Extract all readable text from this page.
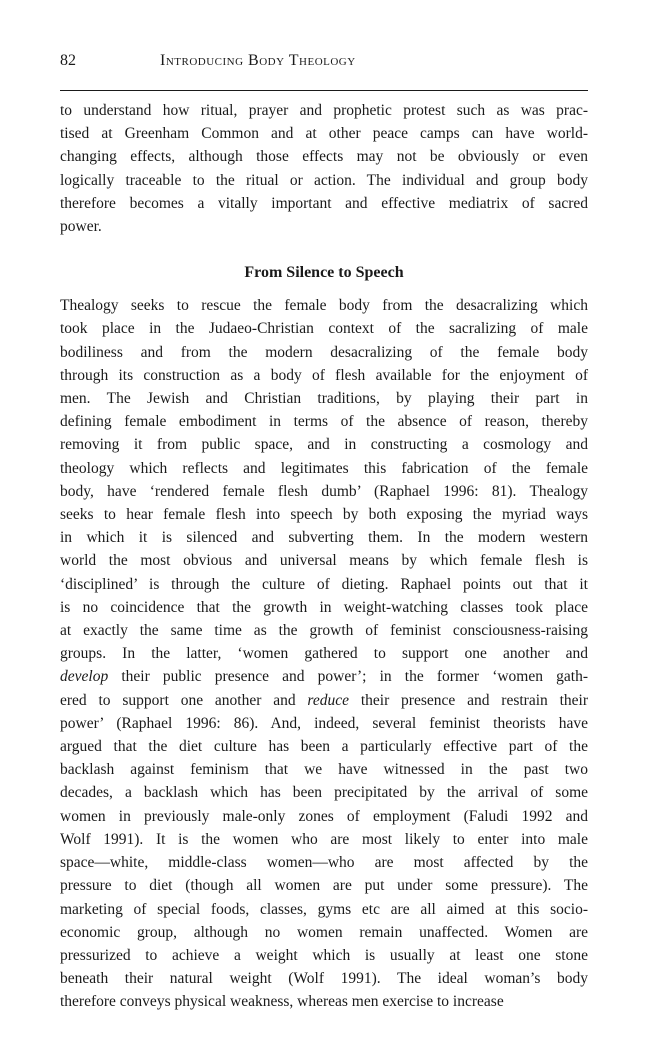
82	Introducing Body Theology

to understand how ritual, prayer and prophetic protest such as was prac-
tised at Greenham Common and at other peace camps can have world-
changing effects, although those effects may not be obviously or even
logically traceable to the ritual or action. The individual and group body
therefore becomes a vitally important and effective mediatrix of sacred
power.

From Silence to Speech

Thealogy seeks to rescue the female body from the desacralizing which
took place in the Judaeo-Christian context of the sacralizing of male
bodiliness and from the modern desacralizing of the female body
through its construction as a body of flesh available for the enjoyment of
men. The Jewish and Christian traditions, by playing their part in
defining female embodiment in terms of the absence of reason, thereby
removing it from public space, and in constructing a cosmology and
theology which reflects and legitimates this fabrication of the female
body, have ‘rendered female flesh dumb’ (Raphael 1996: 81). Thealogy
seeks to hear female flesh into speech by both exposing the myriad ways
in which it is silenced and subverting them. In the modern western
world the most obvious and universal means by which female flesh is
‘disciplined’ is through the culture of dieting. Raphael points out that it
is no coincidence that the growth in weight-watching classes took place
at exactly the same time as the growth of feminist consciousness-raising
groups. In the latter, ‘women gathered to support one another and
develop their public presence and power’; in the former ‘women gath-
ered to support one another and reduce their presence and restrain their
power’ (Raphael 1996: 86). And, indeed, several feminist theorists have
argued that the diet culture has been a particularly effective part of the
backlash against feminism that we have witnessed in the past two
decades, a backlash which has been precipitated by the arrival of some
women in previously male-only zones of employment (Faludi 1992 and
Wolf 1991). It is the women who are most likely to enter into male
space—white, middle-class women—who are most affected by the
pressure to diet (though all women are put under some pressure). The
marketing of special foods, classes, gyms etc are all aimed at this socio-
economic group, although no women remain unaffected. Women are
pressurized to achieve a weight which is usually at least one stone
beneath their natural weight (Wolf 1991). The ideal woman’s body
therefore conveys physical weakness, whereas men exercise to increase
